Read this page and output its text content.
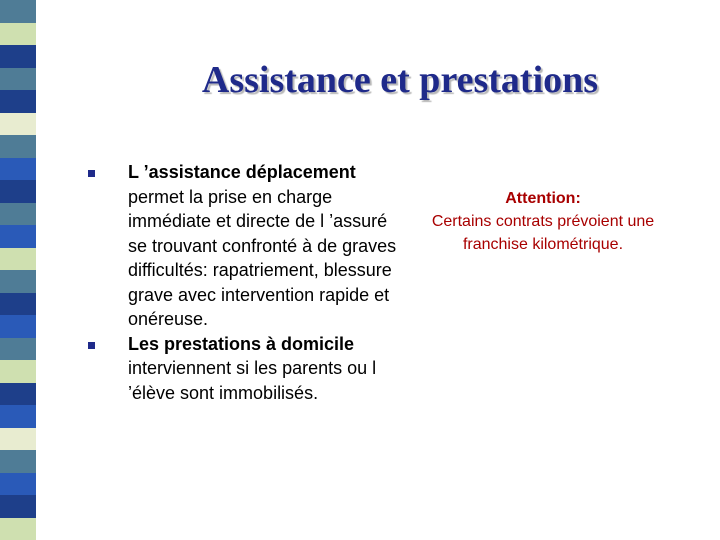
Assistance et prestations
L ’assistance déplacement permet la prise en charge immédiate et directe de l ’assuré se trouvant confronté à de graves difficultés: rapatriement, blessure grave avec intervention rapide et onéreuse.
Les prestations à domicile interviennent si les parents ou l ’élève sont immobilisés.
Attention:
Certains contrats prévoient une franchise kilométrique.
